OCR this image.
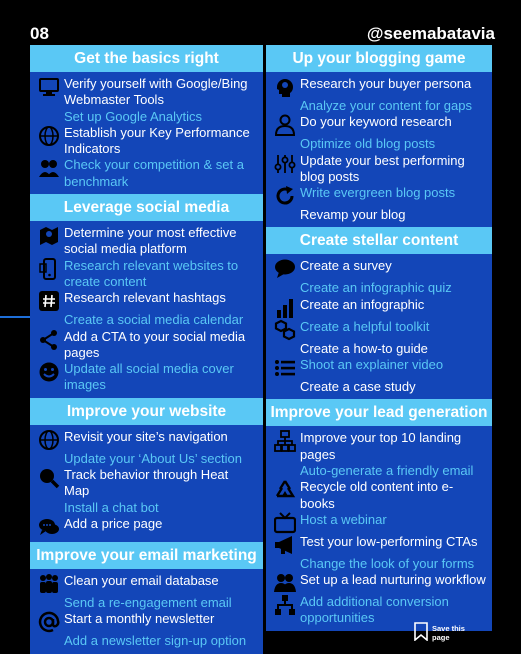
08	@seemabatavia
Get the basics right
Verify yourself with Google/Bing Webmaster Tools
Set up Google Analytics
Establish your Key Performance Indicators
Check your competition & set a benchmark
Leverage social media
Determine your most effective social media platform
Research relevant websites to create content
Research relevant hashtags
Create a social media calendar
Add a CTA to your social media pages
Update all social media cover images
Improve your website
Revisit your site’s navigation
Update your ‘About Us’ section
Track behavior through Heat Map
Install a chat bot
Add a price page
Improve your email marketing
Clean your email database
Send a re-engagement email
Start a monthly newsletter
Add a newsletter sign-up option
Up your blogging game
Research your buyer persona
Analyze your content for gaps
Do your keyword research
Optimize old blog posts
Update your best performing blog posts
Write evergreen blog posts
Revamp your blog
Create stellar content
Create a survey
Create an infographic quiz
Create an infographic
Create a helpful toolkit
Create a how-to guide
Shoot an explainer video
Create a case study
Improve your lead generation
Improve your top 10 landing pages
Auto-generate a friendly email
Recycle old content into e-books
Host a webinar
Test your low-performing CTAs
Change the look of your forms
Set up a lead nurturing workflow
Add additional conversion opportunities
Save this page
